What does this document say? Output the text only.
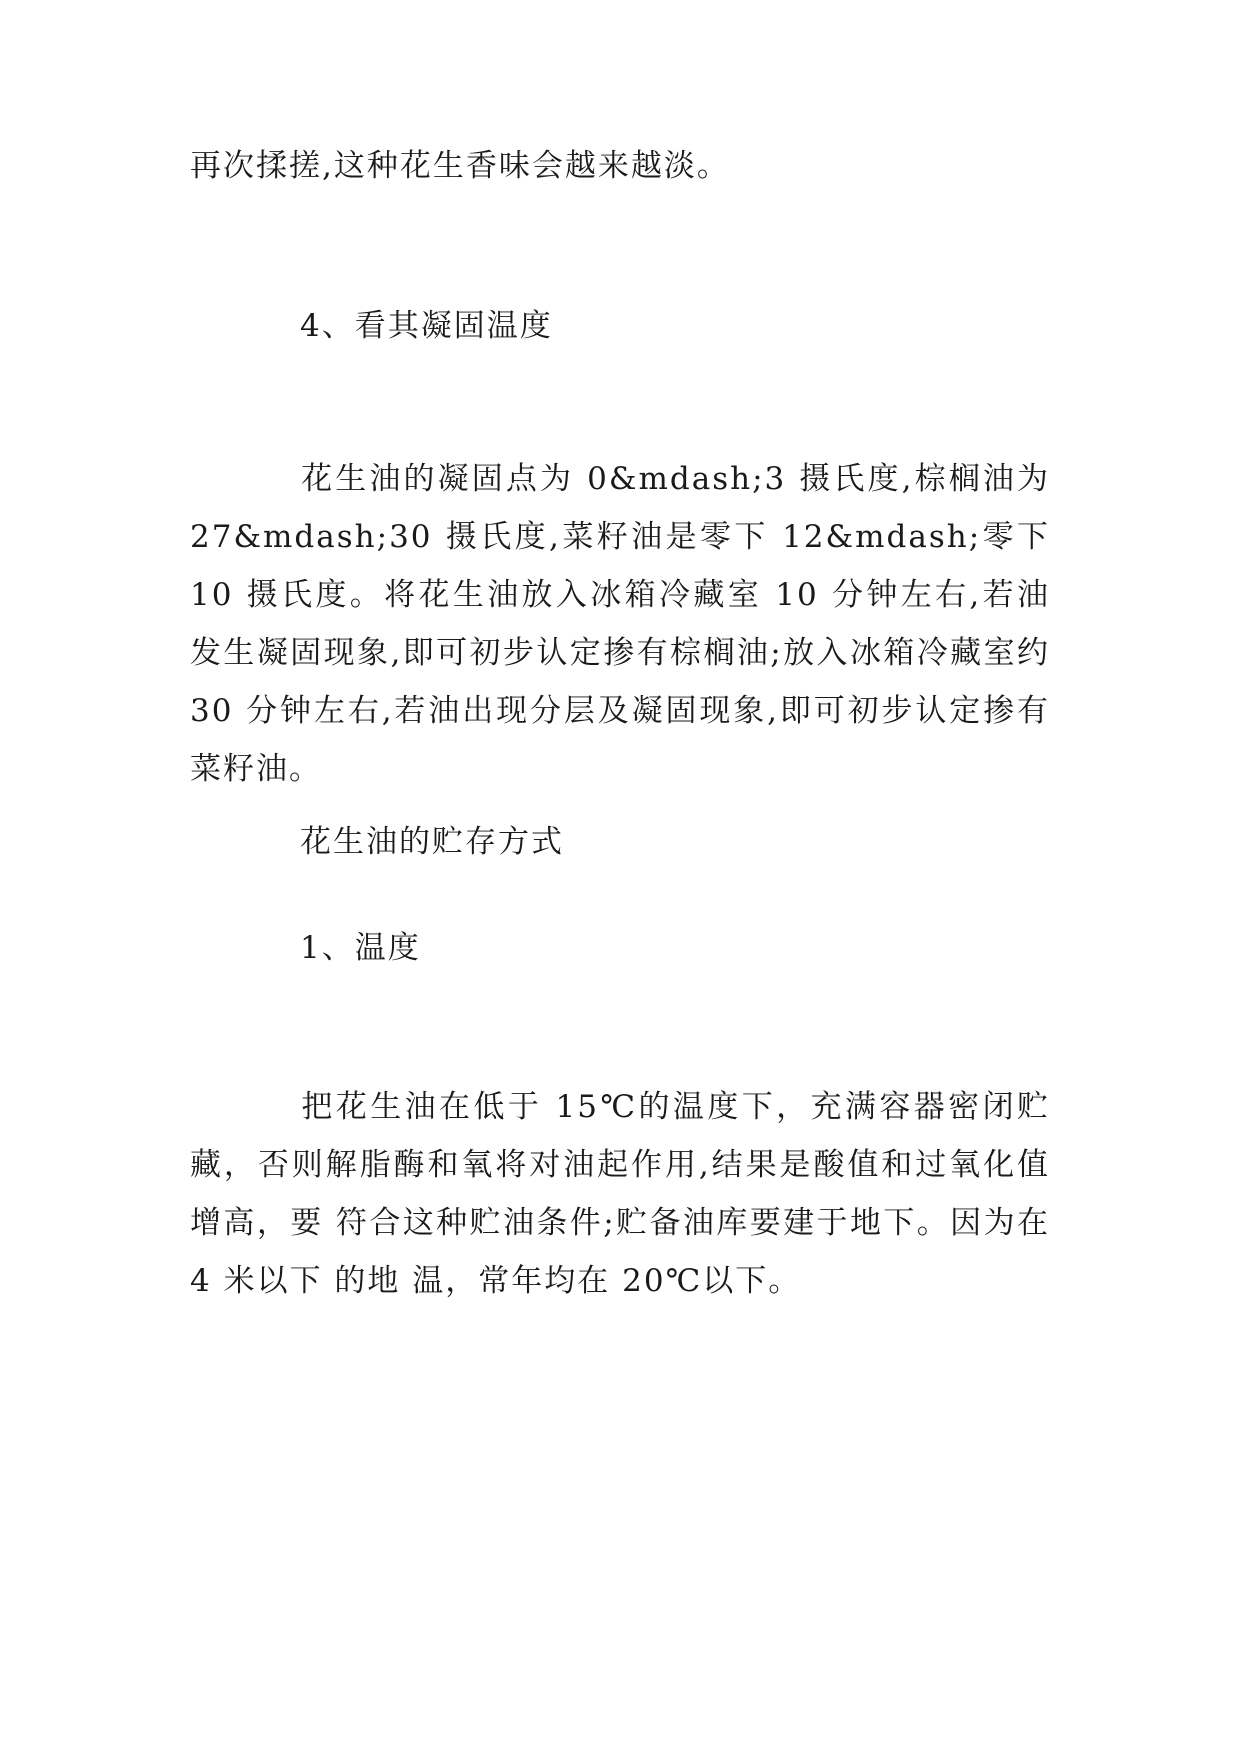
再次揉搓,这种花生香味会越来越淡。
4、看其凝固温度
花生油的凝固点为 0&mdash;3 摄氏度,棕榈油为 27&mdash;30 摄氏度,菜籽油是零下 12&mdash;零下 10 摄氏度。将花生油放入冰箱冷藏室 10 分钟左右,若油发生凝固现象,即可初步认定掺有棕榈油;放入冰箱冷藏室约 30 分钟左右,若油出现分层及凝固现象,即可初步认定掺有菜籽油。
花生油的贮存方式
1、温度
把花生油在低于 15℃的温度下，充满容器密闭贮藏，否则解脂酶和氧将对油起作用,结果是酸值和过氧化值增高，要 符合这种贮油条件;贮备油库要建于地下。因为在 4 米以下 的地 温，常年均在 20℃以下。
